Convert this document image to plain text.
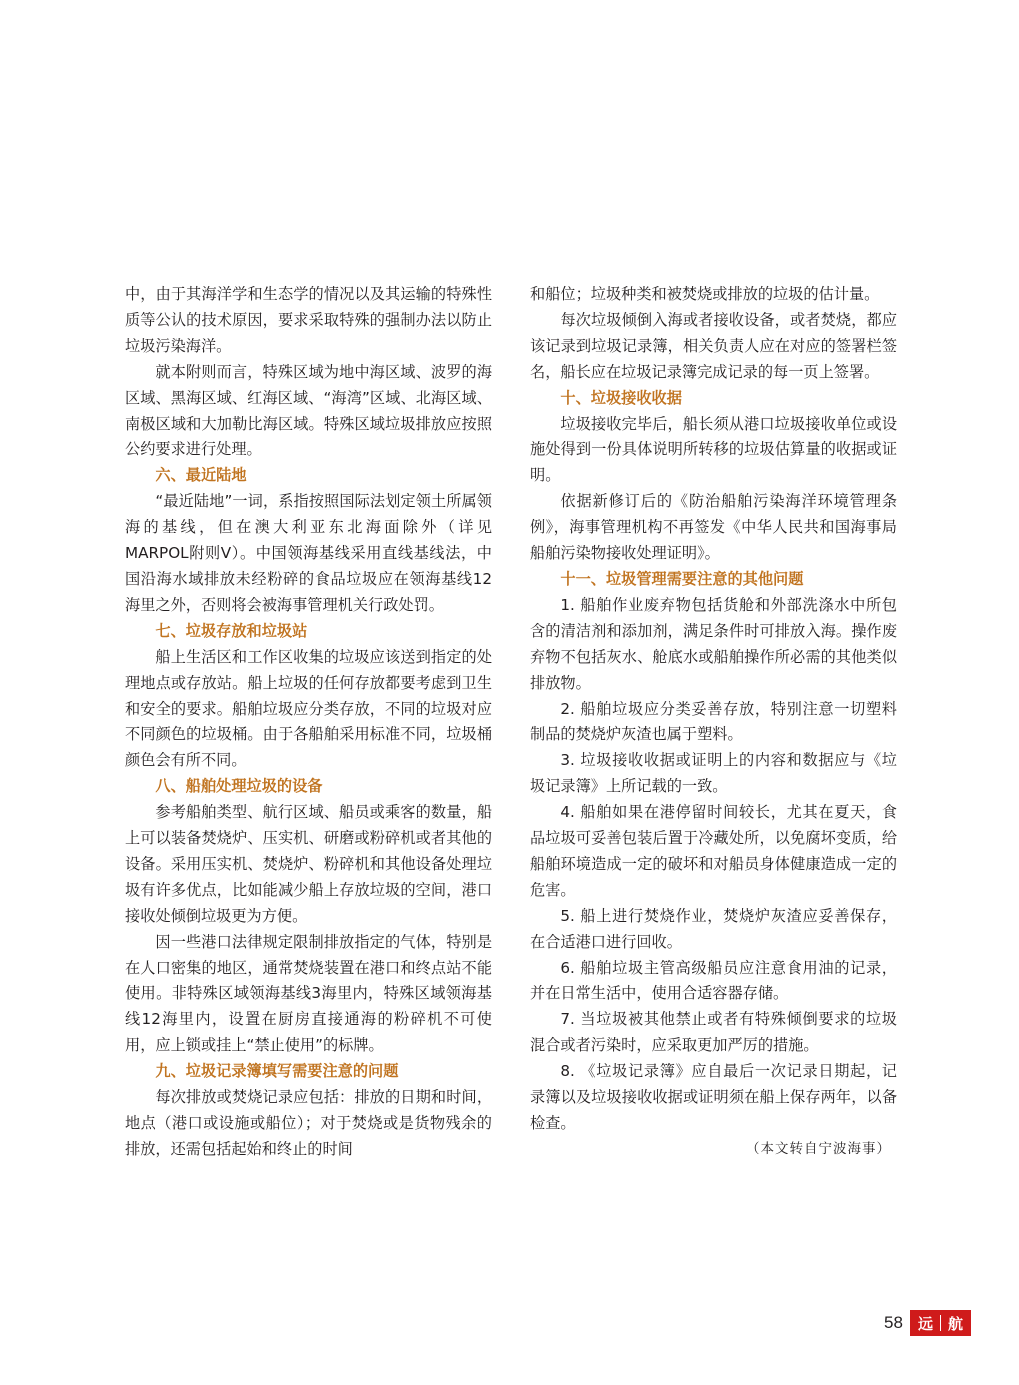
中，由于其海洋学和生态学的情况以及其运输的特殊性质等公认的技术原因，要求采取特殊的强制办法以防止垃圾污染海洋。

就本附则而言，特殊区域为地中海区域、波罗的海区域、黑海区域、红海区域、“海湾”区域、北海区域、南极区域和大加勒比海区域。特殊区域垃圾排放应按照公约要求进行处理。

六、最近陆地

“最近陆地”一词，系指按照国际法划定领土所属领海的基线，但在澳大利亚东北海面除外（详见MARPOL附则V）。中国领海基线采用直线基线法，中国沿海水域排放未经粉碎的食品垃圾应在领海基线12海里之外，否则将会被海事管理机关行政处罚。

七、垃圾存放和垃圾站

船上生活区和工作区收集的垃圾应该送到指定的处理地点或存放站。船上垃圾的任何存放都要考虑到卫生和安全的要求。船舶垃圾应分类存放，不同的垃圾对应不同颜色的垃圾桶。由于各船舶采用标准不同，垃圾桶颜色会有所不同。

八、船舶处理垃圾的设备

参考船舶类型、航行区域、船员或乘客的数量，船上可以装备焚烧炉、压实机、研磨或粉碎机或者其他的设备。采用压实机、焚烧炉、粉碎机和其他设备处理垃圾有许多优点，比如能减少船上存放垃圾的空间，港口接收处倾倒垃圾更为方便。

因一些港口法律规定限制排放指定的气体，特别是在人口密集的地区，通常焚烧装置在港口和终点站不能使用。非特殊区域领海基线3海里内，特殊区域领海基线12海里内，设置在厨房直接通海的粉碎机不可使用，应上锁或挂上“禁止使用”的标牌。

九、垃圾记录簿填写需要注意的问题

每次排放或焚烧记录应包括：排放的日期和时间，地点（港口或设施或船位）；对于焚烧或是货物残余的排放，还需包括起始和终止的时间

和船位；垃圾种类和被焚烧或排放的垃圾的估计量。

每次垃圾倾倒入海或者接收设备，或者焚烧，都应该记录到垃圾记录簿，相关负责人应在对应的签署栏签名，船长应在垃圾记录簿完成记录的每一页上签署。

十、垃圾接收收据

垃圾接收完毕后，船长须从港口垃圾接收单位或设施处得到一份具体说明所转移的垃圾估算量的收据或证明。

依据新修订后的《防治船舶污染海洋环境管理条例》，海事管理机构不再签发《中华人民共和国海事局船舶污染物接收处理证明》。

十一、垃圾管理需要注意的其他问题

1. 船舶作业废弃物包括货舱和外部洗涤水中所包含的清洁剂和添加剂，满足条件时可排放入海。操作废弃物不包括灰水、舱底水或船舶操作所必需的其他类似排放物。

2. 船舶垃圾应分类妥善存放，特别注意一切塑料制品的焚烧炉灰渣也属于塑料。

3. 垃圾接收收据或证明上的内容和数据应与《垃圾记录簿》上所记载的一致。

4. 船舶如果在港停留时间较长，尤其在夏天，食品垃圾可妥善包装后置于冷藏处所，以免腐坏变质，给船舶环境造成一定的破坏和对船员身体健康造成一定的危害。

5. 船上进行焚烧作业，焚烧炉灰渣应妥善保存，在合适港口进行回收。

6. 船舶垃圾主管高级船员应注意食用油的记录，并在日常生活中，使用合适容器存储。

7. 当垃圾被其他禁止或者有特殊倾倒要求的垃圾混合或者污染时，应采取更加严厉的措施。

8. 《垃圾记录簿》应自最后一次记录日期起，记录簿以及垃圾接收收据或证明须在船上保存两年，以备检查。

（本文转自宁波海事）

58 远 航
